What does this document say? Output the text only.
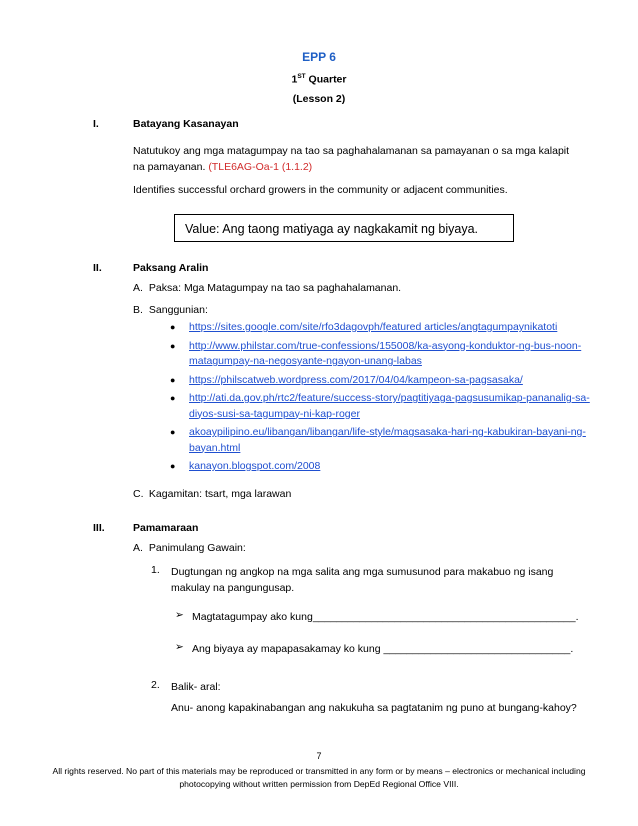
EPP 6
1ST Quarter
(Lesson 2)
I.	Batayang Kasanayan
Natutukoy ang mga matagumpay na tao sa paghahalamanan sa pamayanan o sa mga kalapit na pamayanan. (TLE6AG-Oa-1 (1.1.2)
Identifies successful orchard growers in the community or adjacent communities.
Value: Ang taong matiyaga ay nagkakamit ng biyaya.
II.	Paksang Aralin
A. Paksa: Mga Matagumpay na tao sa paghahalamanan.
B. Sanggunian:
● https://sites.google.com/site/rfo3dagovph/featured articles/angtagumpaynikatoti
● http://www.philstar.com/true-confessions/155008/ka-asyong-konduktor-ng-bus-noon-matagumpay-na-negosyante-ngayon-unang-labas
● https://philscatweb.wordpress.com/2017/04/04/kampeon-sa-pagsasaka/
● http://ati.da.gov.ph/rtc2/feature/success-story/pagtitiyaga-pagsusumikap-pananalig-sa-diyos-susi-sa-tagumpay-ni-kap-roger
● akoaypilipino.eu/libangan/libangan/life-style/magsasaka-hari-ng-kabukiran-bayani-ng-bayan.html
● kanayon.blogspot.com/2008
C. Kagamitan: tsart, mga larawan
III.	Pamamaraan
A. Panimulang Gawain:
1. Dugtungan ng angkop na mga salita ang mga sumusunod para makabuo ng isang makulay na pangungusap.
➢ Magtatagumpay ako kung_____________________________________________.
➢ Ang biyaya ay mapapasakamay ko kung ________________________________.
2. Balik- aral:
Anu- anong kapakinabangan ang nakukuha sa pagtatanim ng puno at bungang-kahoy?
7
All rights reserved. No part of this materials may be reproduced or transmitted in any form or by means – electronics or mechanical including photocopying without written permission from DepEd Regional Office VIII.
